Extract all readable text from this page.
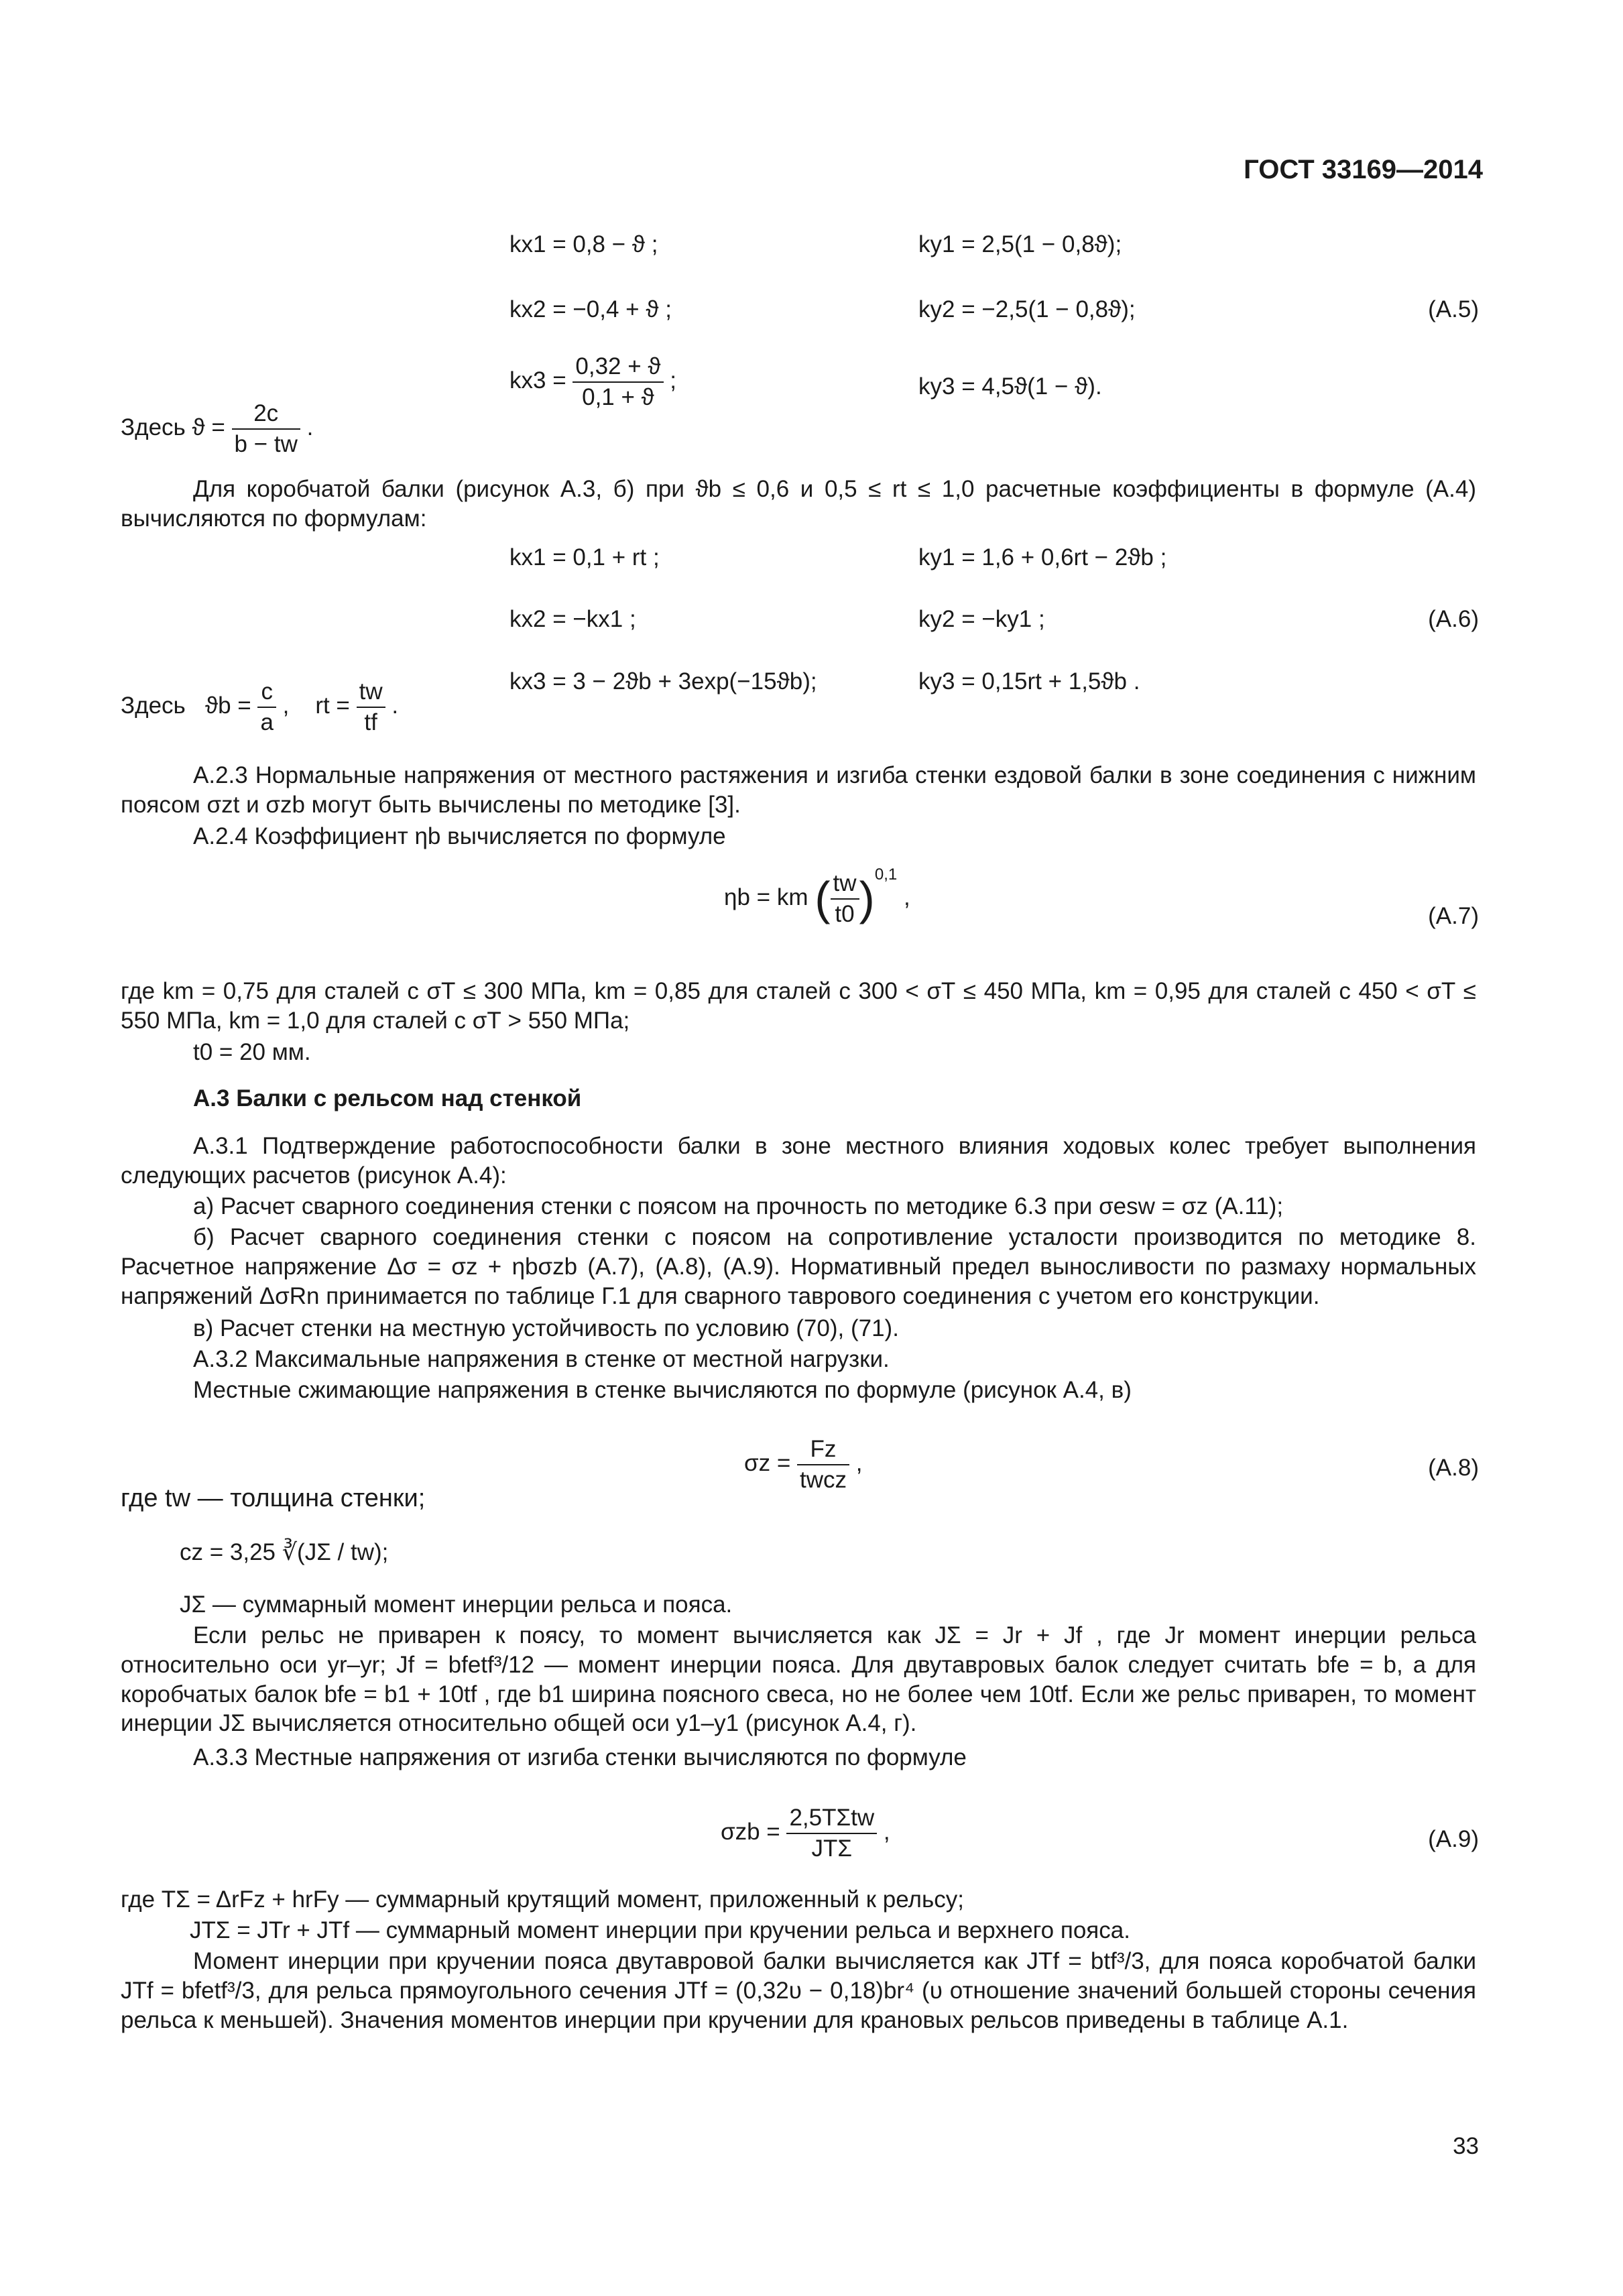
ГОСТ 33169—2014
kx1 = 0,8 − ϑ ;	ky1 = 2,5(1 − 0,8ϑ);
kx2 = −0,4 + ϑ ;	ky2 = −2,5(1 − 0,8ϑ);	(А.5)
$kx3 = \frac{0,32 + ϑ}{0,1 + ϑ}$ ;	ky3 = 4,5ϑ(1 − ϑ).
Здесь $ϑ = \frac{2c}{b - tw}$ .
Для коробчатой балки (рисунок А.3, б) при ϑb ≤ 0,6 и 0,5 ≤ rt ≤ 1,0 расчетные коэффициенты в формуле (А.4) вычисляются по формулам:
kx1 = 0,1 + rt ;	ky1 = 1,6 + 0,6rt − 2ϑb ;
kx2 = −kx1 ;	ky2 = −ky1 ;	(А.6)
kx3 = 3 − 2ϑb + 3exp(−15ϑb);	ky3 = 0,15rt + 1,5ϑb .
Здесь $ϑb = \frac{c}{a}$ , rt = $\frac{tw}{tf}$ .
А.2.3 Нормальные напряжения от местного растяжения и изгиба стенки ездовой балки в зоне соединения с нижним поясом σzt и σzb могут быть вычислены по методике [3].
А.2.4 Коэффициент ηb вычисляется по формуле
ηb = km ( $\frac{tw}{t0} )^{0,1}$ ,
(А.7)
где km = 0,75 для сталей с σТ ≤ 300 МПа, km = 0,85 для сталей с 300 < σТ ≤ 450 МПа, km = 0,95 для сталей с 450 < σТ ≤ 550 МПа, km = 1,0 для сталей с σТ > 550 МПа;
t0 = 20 мм.
А.3 Балки с рельсом над стенкой
А.3.1 Подтверждение работоспособности балки в зоне местного влияния ходовых колес требует выполнения следующих расчетов (рисунок А.4):
а) Расчет сварного соединения стенки с поясом на прочность по методике 6.3 при σesw = σz (А.11);
б) Расчет сварного соединения стенки с поясом на сопротивление усталости производится по методике 8. Расчетное напряжение Δσ = σz + ηbσzb (А.7), (А.8), (А.9). Нормативный предел выносливости по размаху нормальных напряжений ΔσRn принимается по таблице Г.1 для сварного таврового соединения с учетом его конструкции.
в) Расчет стенки на местную устойчивость по условию (70), (71).
А.3.2 Максимальные напряжения в стенке от местной нагрузки.
Местные сжимающие напряжения в стенке вычисляются по формуле (рисунок А.4, в)
$\sigma z = \frac{Fz}{\text{twcz}}$ ,	(А.8)
где tw — толщина стенки;
cz = 3,25 ∛(JΣ / tw);
JΣ — суммарный момент инерции рельса и пояса.
Если рельс не приварен к поясу, то момент вычисляется как JΣ = Jr + Jf , где Jr момент инерции рельса относительно оси yr–yr; Jf = bfetf³/12 — момент инерции пояса. Для двутавровых балок следует считать bfe = b, а для коробчатых балок bfe = b1 + 10tf , где b1 ширина поясного свеса, но не более чем 10tf. Если же рельс приварен, то момент инерции JΣ вычисляется относительно общей оси y1–y1 (рисунок А.4, г).
А.3.3 Местные напряжения от изгиба стенки вычисляются по формуле
$\sigma zb = \frac{\text{2,5TΣtw}}{\text{JTΣ}}$ ,	(А.9)
где TΣ = ΔrFz + hrFy — суммарный крутящий момент, приложенный к рельсу;
JTΣ = JTr + JTf — суммарный момент инерции при кручении рельса и верхнего пояса.
Момент инерции при кручении пояса двутавровой балки вычисляется как JTf = btf³/3, для пояса коробчатой балки JTf = bfetf³/3, для рельса прямоугольного сечения JTf = (0,32υ − 0,18)br⁴ (υ отношение значений большей стороны сечения рельса к меньшей). Значения моментов инерции при кручении для крановых рельсов приведены в таблице А.1.
33
